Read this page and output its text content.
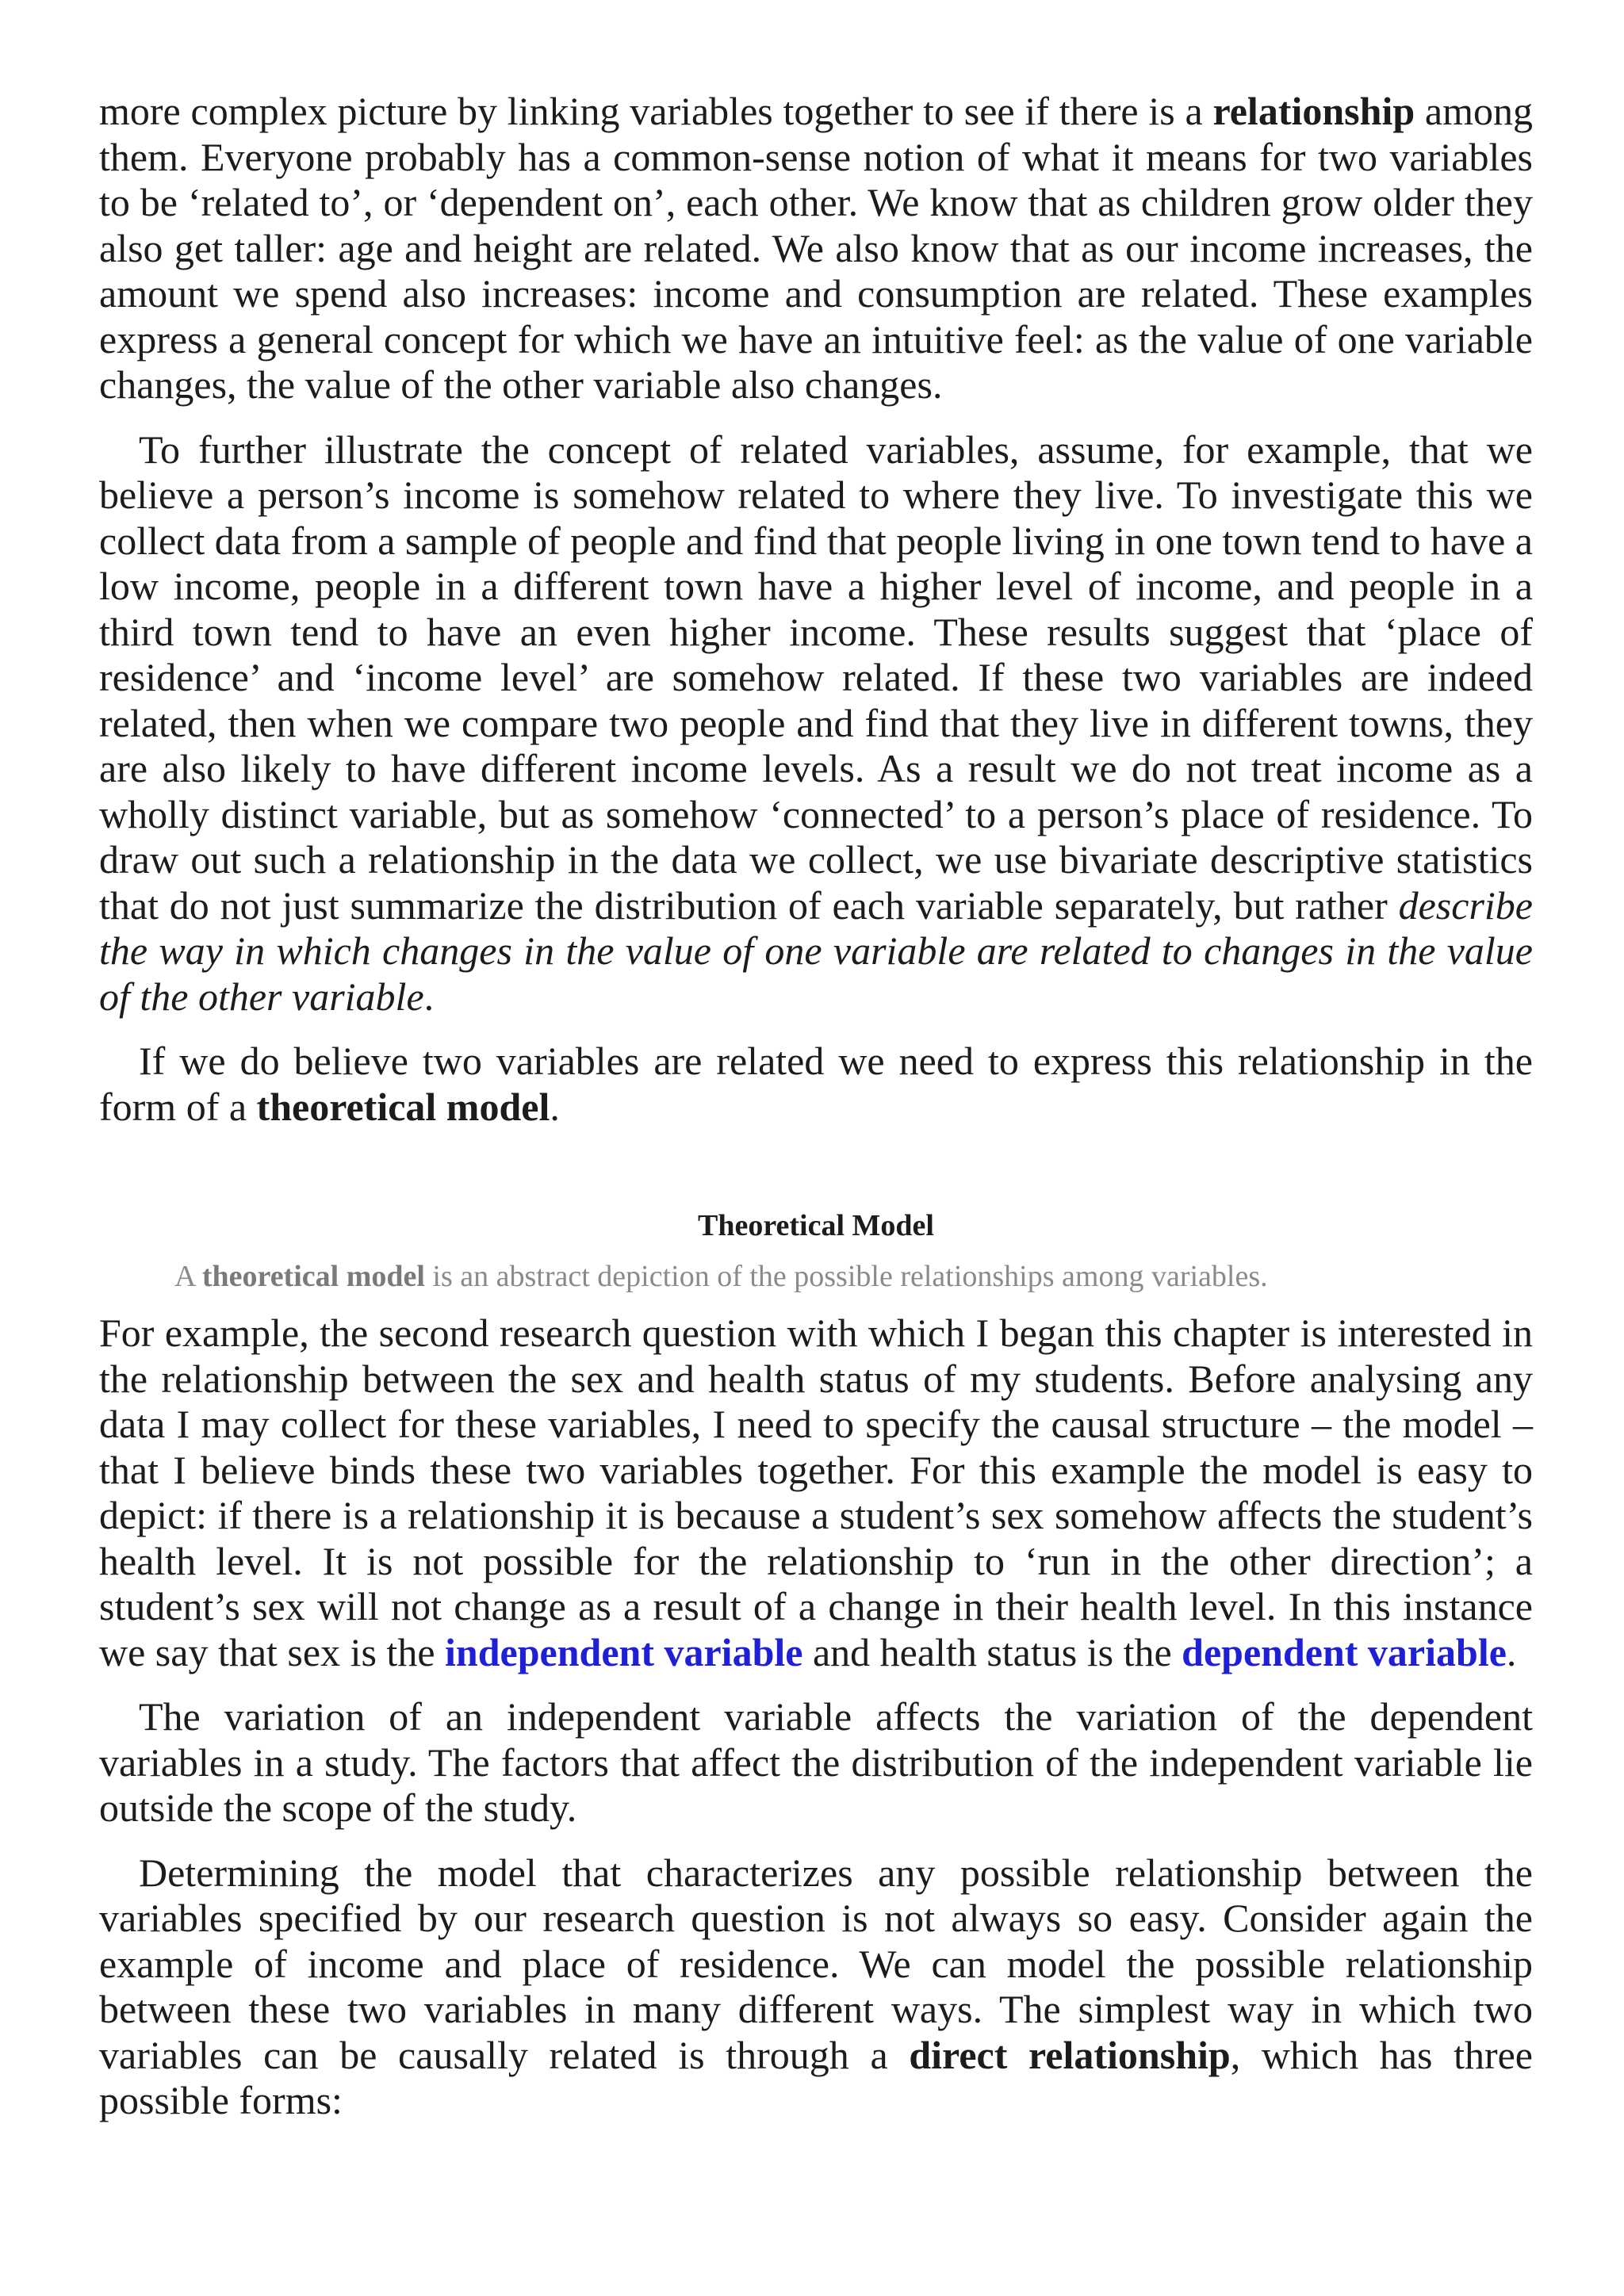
more complex picture by linking variables together to see if there is a relationship among them. Everyone probably has a common-sense notion of what it means for two variables to be ‘related to’, or ‘dependent on’, each other. We know that as children grow older they also get taller: age and height are related. We also know that as our income increases, the amount we spend also increases: income and consumption are related. These examples express a general concept for which we have an intuitive feel: as the value of one variable changes, the value of the other variable also changes.

To further illustrate the concept of related variables, assume, for example, that we believe a person’s income is somehow related to where they live. To investigate this we collect data from a sample of people and find that people living in one town tend to have a low income, people in a different town have a higher level of income, and people in a third town tend to have an even higher income. These results suggest that ‘place of residence’ and ‘income level’ are somehow related. If these two variables are indeed related, then when we compare two people and find that they live in different towns, they are also likely to have different income levels. As a result we do not treat income as a wholly distinct variable, but as somehow ‘connected’ to a person’s place of residence. To draw out such a relationship in the data we collect, we use bivariate descriptive statistics that do not just summarize the distribution of each variable separately, but rather describe the way in which changes in the value of one variable are related to changes in the value of the other variable.

If we do believe two variables are related we need to express this relationship in the form of a theoretical model.

Theoretical Model
A theoretical model is an abstract depiction of the possible relationships among variables.

For example, the second research question with which I began this chapter is interested in the relationship between the sex and health status of my students. Before analysing any data I may collect for these variables, I need to specify the causal structure – the model – that I believe binds these two variables together. For this example the model is easy to depict: if there is a relationship it is because a student’s sex somehow affects the student’s health level. It is not possible for the relationship to ‘run in the other direction’; a student’s sex will not change as a result of a change in their health level. In this instance we say that sex is the independent variable and health status is the dependent variable.

The variation of an independent variable affects the variation of the dependent variables in a study. The factors that affect the distribution of the independent variable lie outside the scope of the study.

Determining the model that characterizes any possible relationship between the variables specified by our research question is not always so easy. Consider again the example of income and place of residence. We can model the possible relationship between these two variables in many different ways. The simplest way in which two variables can be causally related is through a direct relationship, which has three possible forms:
